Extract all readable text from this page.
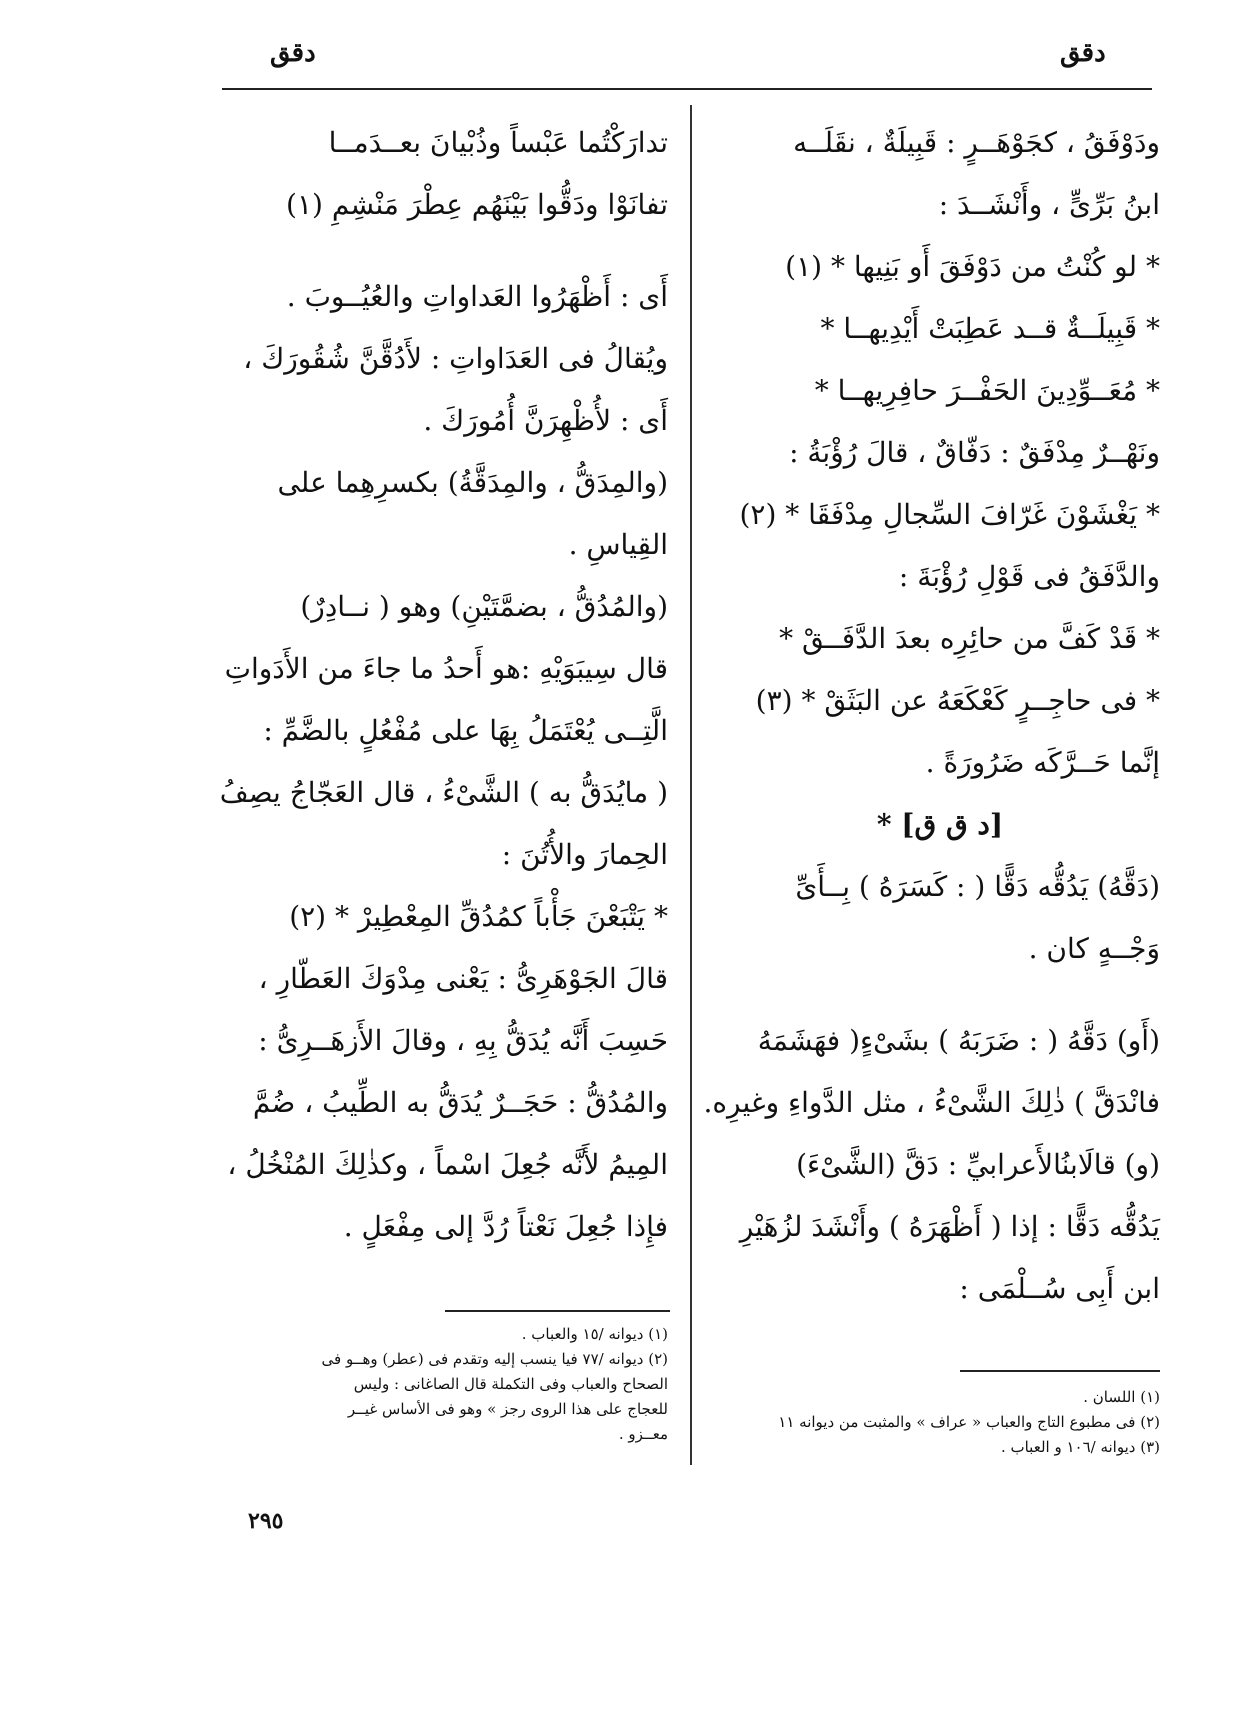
دقق
دقق
ودَوْفَقُ ، كجَوْهَــرٍ : قَبِيلَةٌ ، نقَلَــه
ابنُ بَرِّىٍّ ، وأَنْشَــدَ :
* لو كُنْتُ من دَوْفَقَ أَو بَنِيها * (١)
* قَبِيلَــةٌ قــد عَطِبَتْ أَيْدِيهــا *
* مُعَــوِّدِينَ الحَفْــرَ حافِرِيهــا *
ونَهْــرٌ مِدْفَقٌ : دَفّاقٌ ، قالَ رُؤْبَةُ :
* يَغْشَوْنَ غَرّافَ السِّجالِ مِدْفَقَا * (٢)
والدَّفَقُ فى قَوْلِ رُؤْبَةَ :
* قَدْ كَفَّ من حائِرِه بعدَ الدَّفَــقْ *
* فى حاجِــرٍ كَعْكَعَهُ عن البَثَقْ * (٣)
إنَّما حَــرَّكَه ضَرُورَةً .
[د ق ق] *
(دَقَّهُ) يَدُقُّه دَقًّا ( : كَسَرَهُ ) بِــأَىِّ
وَجْــهٍ كان .
(أَو) دَقَّهُ ( : ضَرَبَهُ ) بشَىْءٍ( فهَشَمَهُ
فانْدَقَّ ) ذٰلِكَ الشَّىْءُ ، مثل الدَّواءِ وغيرِه.
(و) قالَابنُالأَعرابيِّ : دَقَّ (الشَّىْءَ)
يَدُقُّه دَقًّا : إذا ( أَظْهَرَهُ ) وأَنْشَدَ لزُهَيْرِ
ابن أَبِى سُــلْمَى :
تدارَكْتُما عَبْساً وذُبْيانَ بعــدَمــا
تفانَوْا ودَقُّوا بَيْنَهُم عِطْرَ مَنْشِمِ (١)
أَى : أَظْهَرُوا العَداواتِ والعُيُــوبَ .
ويُقالُ فى العَدَاواتِ : لأَدُقَّنَّ شُقُورَكَ ،
أَى : لأُظْهِرَنَّ أُمُورَكَ .
(والمِدَقُّ ، والمِدَقَّةُ) بكسرِهِما على
القِياسِ .
(والمُدُقُّ ، بضمَّتَيْنِ) وهو ( نــادِرٌ)
قال سِيبَوَيْهِ :هو أَحدُ ما جاءَ من الأَدَواتِ
الَّتِــى يُعْتَمَلُ بِهَا على مُفْعُلٍ بالضَّمِّ :
( مايُدَقُّ به ) الشَّىْءُ ، قال العَجّاجُ يصِفُ
الحِمارَ والأُتُنَ :
* يَتْبَعْنَ جَأْباً كمُدُقِّ المِعْطِيرْ * (٢)
قالَ الجَوْهَرِىُّ : يَعْنى مِدْوَكَ العَطّارِ ،
حَسِبَ أَنَّه يُدَقُّ بِهِ ، وقالَ الأَزهَــرِىُّ :
والمُدُقُّ : حَجَــرٌ يُدَقُّ به الطِّيبُ ، ضُمَّ
المِيمُ لأَنَّه جُعِلَ اسْماً ، وكذٰلِكَ المُنْخُلُ ،
فإِذا جُعِلَ نَعْتاً رُدَّ إلى مِفْعَلٍ .
(١) اللسان .
(٢) فى مطبوع التاج والعباب « عراف » والمثبت من ديوانه ١١
(٣) ديوانه /١٠٦ و العباب .
(١) ديوانه /١٥ والعباب .
(٢) ديوانه /٧٧ فيا ينسب إليه وتقدم فى (عطر) وهــو فى
الصحاح والعباب وفى التكملة قال الصاغانى : وليس
للعجاج على هذا الروى رجز » وهو فى الأساس غيــر
معــزو .
٢٩٥
